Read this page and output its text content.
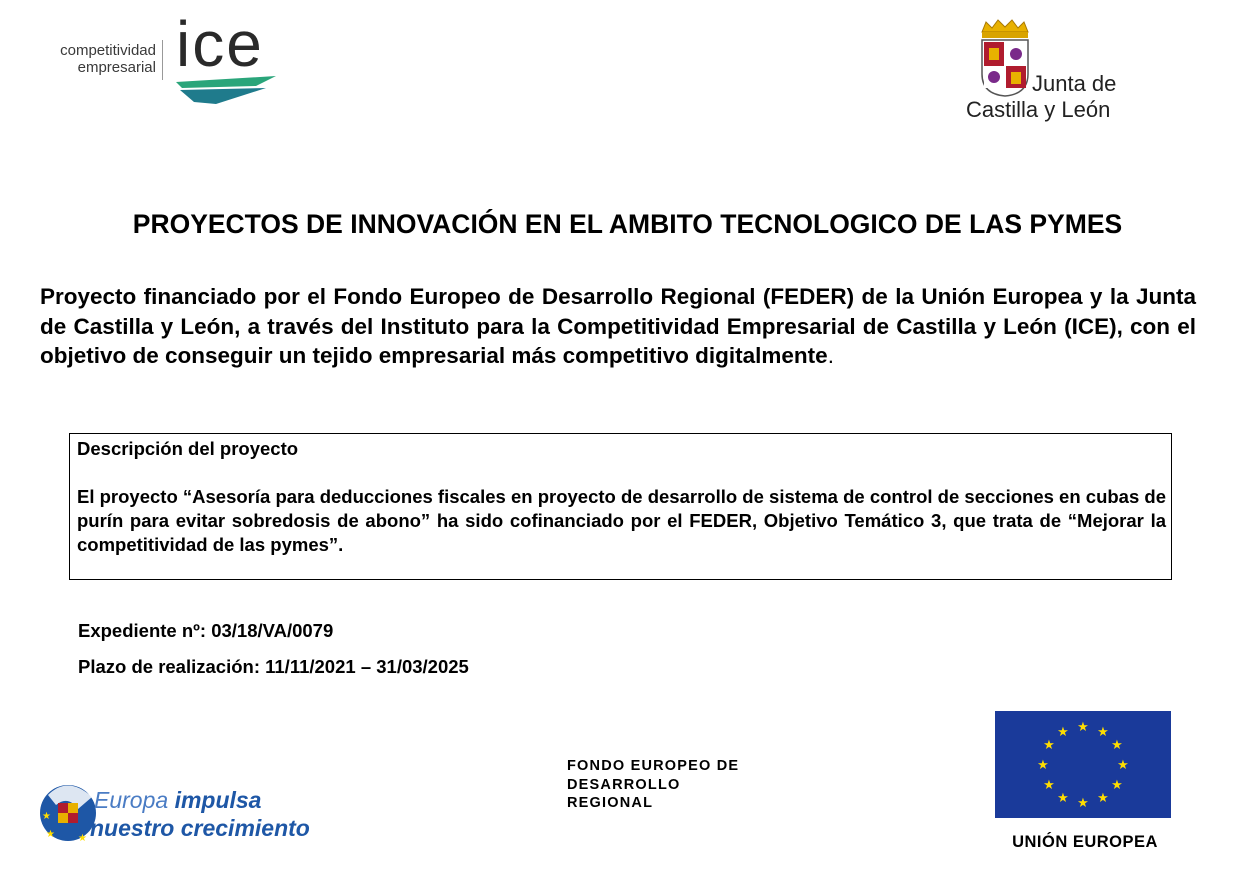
competitividad
empresarial ice
Junta de
Castilla y León
PROYECTOS DE INNOVACIÓN EN EL AMBITO TECNOLOGICO DE LAS PYMES
Proyecto financiado por el Fondo Europeo de Desarrollo Regional (FEDER) de la Unión Europea y la Junta de Castilla y León, a través del Instituto para la Competitividad Empresarial de Castilla y León (ICE), con el objetivo de conseguir un tejido empresarial más competitivo digitalmente.
Descripción del proyecto
El proyecto “Asesoría para deducciones fiscales en proyecto de desarrollo de sistema de control de secciones en cubas de purín para evitar sobredosis de abono” ha sido cofinanciado por el FEDER, Objetivo Temático 3, que trata de “Mejorar la competitividad de las pymes”.
Expediente nº: 03/18/VA/0079
Plazo de realización: 11/11/2021 – 31/03/2025
★ ★
★
Europa impulsa
nuestro crecimiento
FONDO EUROPEO DE
DESARROLLO
REGIONAL
★ ★
★
★
★
★
★
★
★
★
★
★
UNIÓN EUROPEA
